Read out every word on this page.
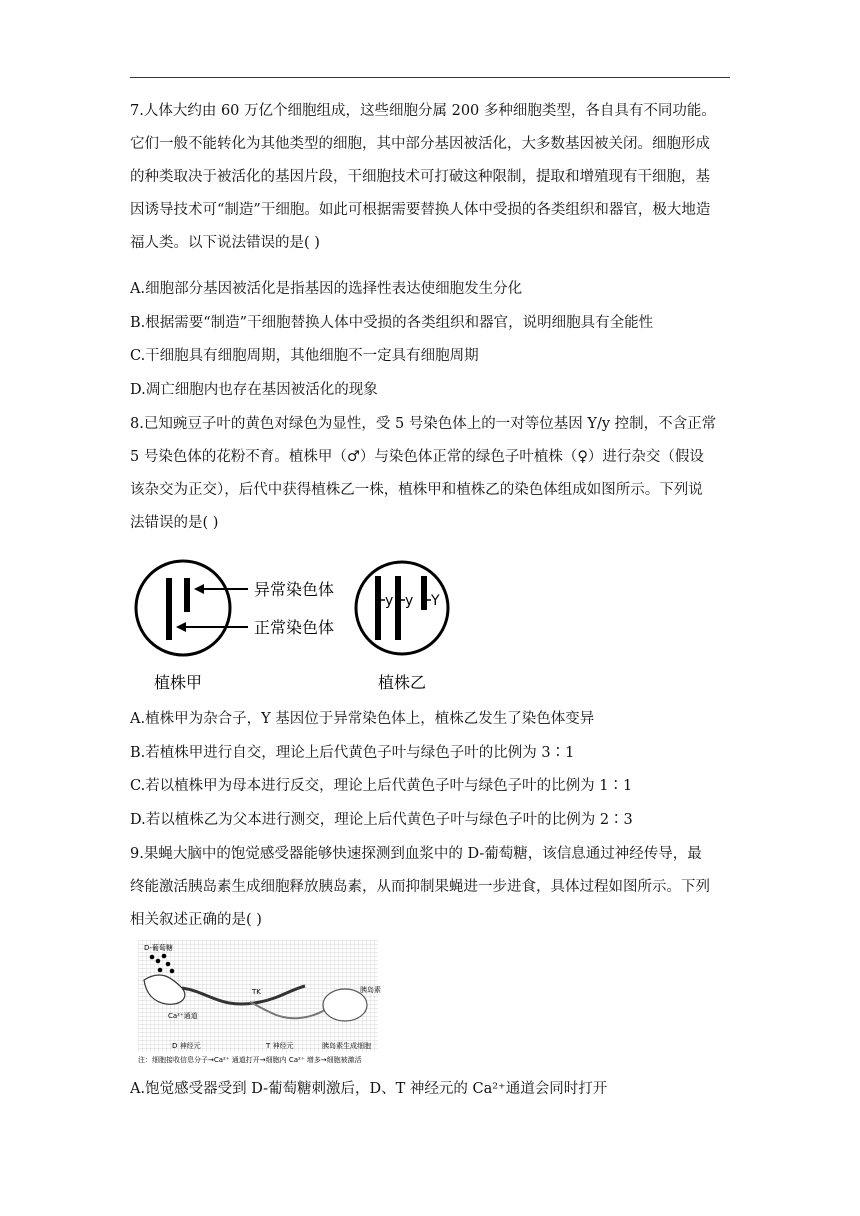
7.人体大约由 60 万亿个细胞组成，这些细胞分属 200 多种细胞类型，各自具有不同功能。
它们一般不能转化为其他类型的细胞，其中部分基因被活化，大多数基因被关闭。细胞形成
的种类取决于被活化的基因片段，干细胞技术可打破这种限制，提取和增殖现有干细胞，基
因诱导技术可“制造”干细胞。如此可根据需要替换人体中受损的各类组织和器官，极大地造
福人类。以下说法错误的是( )
A.细胞部分基因被活化是指基因的选择性表达使细胞发生分化
B.根据需要“制造”干细胞替换人体中受损的各类组织和器官，说明细胞具有全能性
C.干细胞具有细胞周期，其他细胞不一定具有细胞周期
D.凋亡细胞内也存在基因被活化的现象
8.已知豌豆子叶的黄色对绿色为显性，受 5 号染色体上的一对等位基因 Y/y 控制，不含正常
5 号染色体的花粉不育。植株甲（♂）与染色体正常的绿色子叶植株（♀）进行杂交（假设
该杂交为正交），后代中获得植株乙一株，植株甲和植株乙的染色体组成如图所示。下列说
法错误的是( )
异常染色体
正常染色体
植株甲
y y Y
植株乙
A.植株甲为杂合子，Y 基因位于异常染色体上，植株乙发生了染色体变异
B.若植株甲进行自交，理论上后代黄色子叶与绿色子叶的比例为 3∶1
C.若以植株甲为母本进行反交，理论上后代黄色子叶与绿色子叶的比例为 1∶1
D.若以植株乙为父本进行测交，理论上后代黄色子叶与绿色子叶的比例为 2∶3
9.果蝇大脑中的饱觉感受器能够快速探测到血浆中的 D-葡萄糖，该信息通过神经传导，最
终能激活胰岛素生成细胞释放胰岛素，从而抑制果蝇进一步进食，具体过程如图所示。下列
相关叙述正确的是( )
D-葡萄糖
Ca²⁺通道
TK	胰岛素
D 神经元	T 神经元	胰岛素生成细胞
注：细胞接收信息分子→Ca²⁺ 通道打开→细胞内 Ca²⁺ 增多→细胞被激活
A.饱觉感受器受到 D-葡萄糖刺激后，D、T 神经元的 Ca²⁺通道会同时打开
